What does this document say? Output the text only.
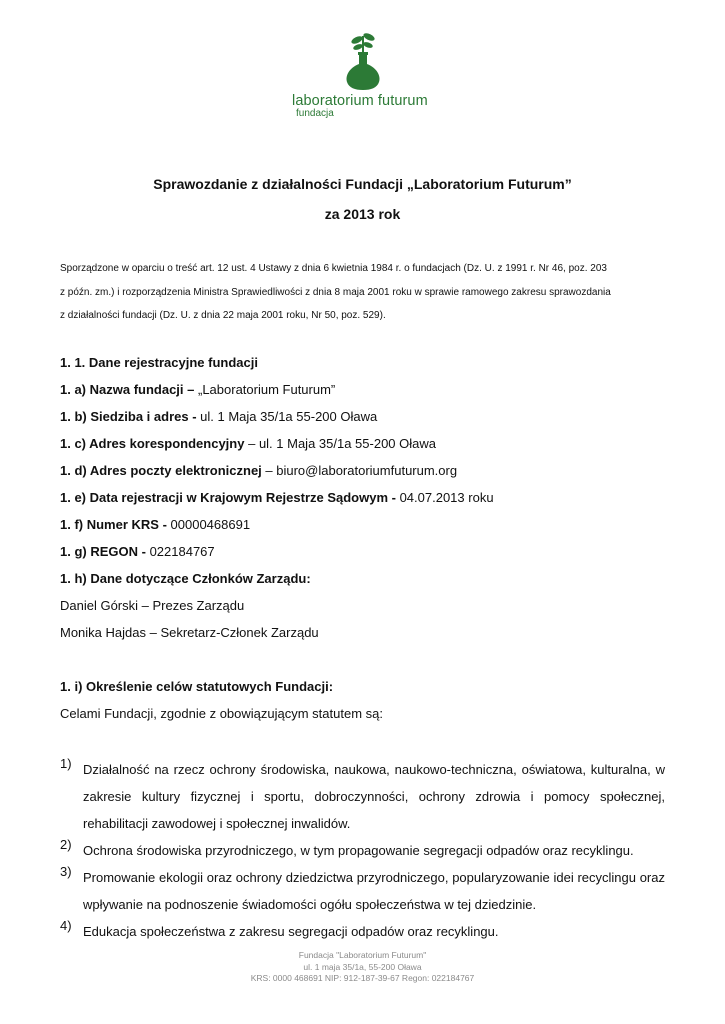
laboratorium futurum
fundacja
Sprawozdanie z działalności Fundacji „Laboratorium Futurum”
za 2013 rok
Sporządzone w oparciu o treść art. 12 ust. 4 Ustawy z dnia 6 kwietnia 1984 r. o fundacjach (Dz. U. z 1991 r. Nr 46, poz. 203
z późn. zm.) i rozporządzenia Ministra Sprawiedliwości z dnia 8 maja 2001 roku w sprawie ramowego zakresu sprawozdania
z działalności fundacji (Dz. U. z dnia 22 maja 2001 roku, Nr 50, poz. 529).
1. 1. Dane rejestracyjne fundacji
1. a) Nazwa fundacji – „Laboratorium Futurum”
1. b) Siedziba i adres - ul. 1 Maja 35/1a 55-200 Oława
1. c) Adres korespondencyjny – ul. 1 Maja 35/1a 55-200 Oława
1. d) Adres poczty elektronicznej – biuro@laboratoriumfuturum.org
1. e) Data rejestracji w Krajowym Rejestrze Sądowym - 04.07.2013 roku
1. f) Numer KRS - 00000468691
1. g) REGON - 022184767
1. h) Dane dotyczące Członków Zarządu:
Daniel Górski – Prezes Zarządu
Monika Hajdas – Sekretarz-Członek Zarządu
1. i) Określenie celów statutowych Fundacji:
Celami Fundacji, zgodnie z obowiązującym statutem są:
1) Działalność na rzecz ochrony środowiska, naukowa, naukowo-techniczna, oświatowa, kulturalna, w zakresie kultury fizycznej i sportu, dobroczynności, ochrony zdrowia i pomocy społecznej, rehabilitacji zawodowej i społecznej inwalidów.
2) Ochrona środowiska przyrodniczego, w tym propagowanie segregacji odpadów oraz recyklingu.
3) Promowanie ekologii oraz ochrony dziedzictwa przyrodniczego, popularyzowanie idei recyclingu oraz wpływanie na podnoszenie świadomości ogółu społeczeństwa w tej dziedzinie.
4) Edukacja społeczeństwa z zakresu segregacji odpadów oraz recyklingu.
Fundacja "Laboratorium Futurum"
ul. 1 maja 35/1a, 55-200 Oława
KRS: 0000 468691 NIP: 912-187-39-67 Regon: 022184767
